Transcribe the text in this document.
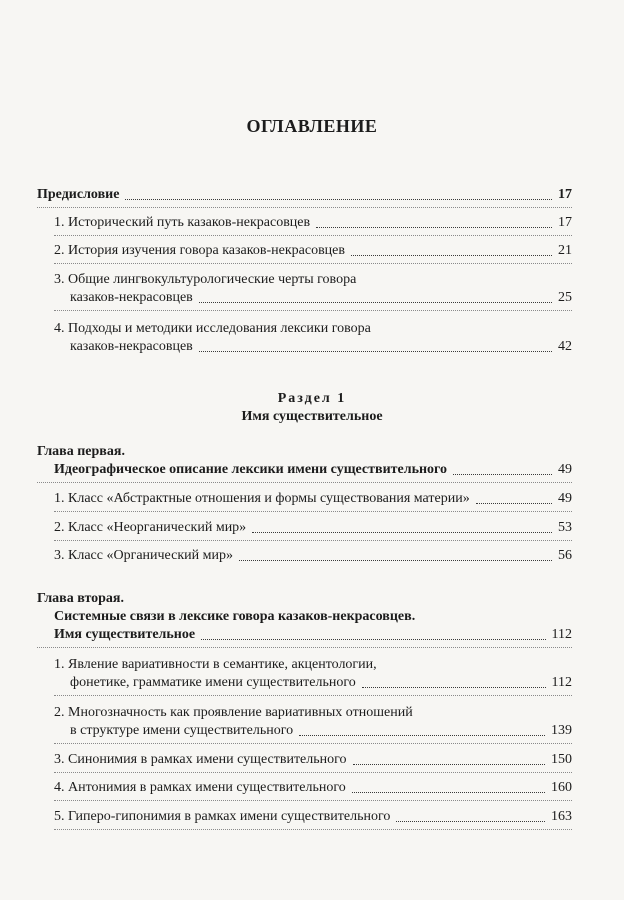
ОГЛАВЛЕНИЕ
Предисловие	17
1. Исторический путь казаков-некрасовцев	17
2. История изучения говора казаков-некрасовцев	21
3. Общие лингвокультурологические черты говора
казаков-некрасовцев	25
4. Подходы и методики исследования лексики говора
казаков-некрасовцев	42
Раздел 1
Имя существительное
Глава первая.
Идеографическое описание лексики имени существительного	49
1. Класс «Абстрактные отношения и формы существования материи»	49
2. Класс «Неорганический мир»	53
3. Класс «Органический мир»	56
Глава вторая.
Системные связи в лексике говора казаков-некрасовцев.
Имя существительное	112
1. Явление вариативности в семантике, акцентологии,
фонетике, грамматике имени существительного	112
2. Многозначность как проявление вариативных отношений
в структуре имени существительного	139
3. Синонимия в рамках имени существительного	150
4. Антонимия в рамках имени существительного	160
5. Гиперо-гипонимия в рамках имени существительного	163
